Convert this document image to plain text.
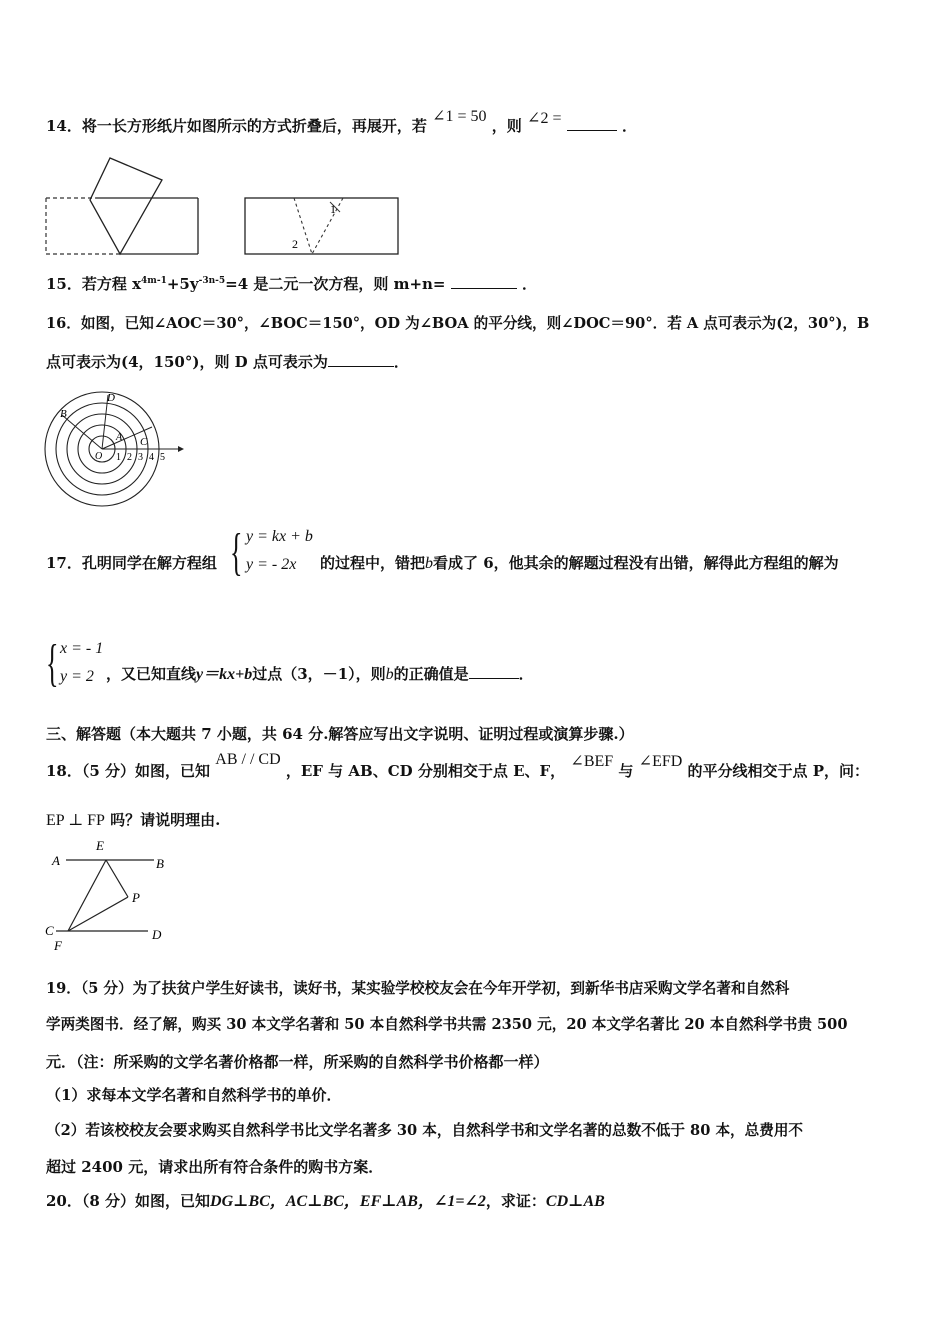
14．将一长方形纸片如图所示的方式折叠后，再展开，若 ∠1 = 50 ，则 ∠2 =	．
1
2
15．若方程 $x^{4m-1}+5y^{-3n-5}=4$ 是二元一次方程，则 m+n=	．
16．如图，已知∠AOC＝30°，∠BOC＝150°，OD 为∠BOA 的平分线，则∠DOC＝90°．若 A 点可表示为(2，30°)，B
点可表示为(4，150°)，则 D 点可表示为	．
B
D
A C
O 1 2 3 4 5
17．孔明同学在解方程组 { y = kx + b
y = - 2x 的过程中，错把b看成了 6，他其余的解题过程没有出错，解得此方程组的解为
{ x = - 1
y = 2 ，又已知直线y＝kx+b过点（3，－1），则b的正确值是	．
三、解答题（本大题共 7 小题，共 64 分.解答应写出文字说明、证明过程或演算步骤.）
18．（5 分）如图，已知 AB / / CD ，EF 与 AB、CD 分别相交于点 E、F， ∠BEF 与 ∠EFD 的平分线相交于点 P，问：
EP ⊥ FP 吗？请说明理由.
A	B
E
P
C	D
F
19．（5 分）为了扶贫户学生好读书，读好书，某实验学校校友会在今年开学初，到新华书店采购文学名著和自然科
学两类图书．经了解，购买 30 本文学名著和 50 本自然科学书共需 2350 元，20 本文学名著比 20 本自然科学书贵 500
元．（注：所采购的文学名著价格都一样，所采购的自然科学书价格都一样）
（1）求每本文学名著和自然科学书的单价．
（2）若该校校友会要求购买自然科学书比文学名著多 30 本，自然科学书和文学名著的总数不低于 80 本，总费用不
超过 2400 元，请求出所有符合条件的购书方案．
20．（8 分）如图，已知DG⊥BC，AC⊥BC，EF⊥AB，∠1=∠2，求证：CD⊥AB
